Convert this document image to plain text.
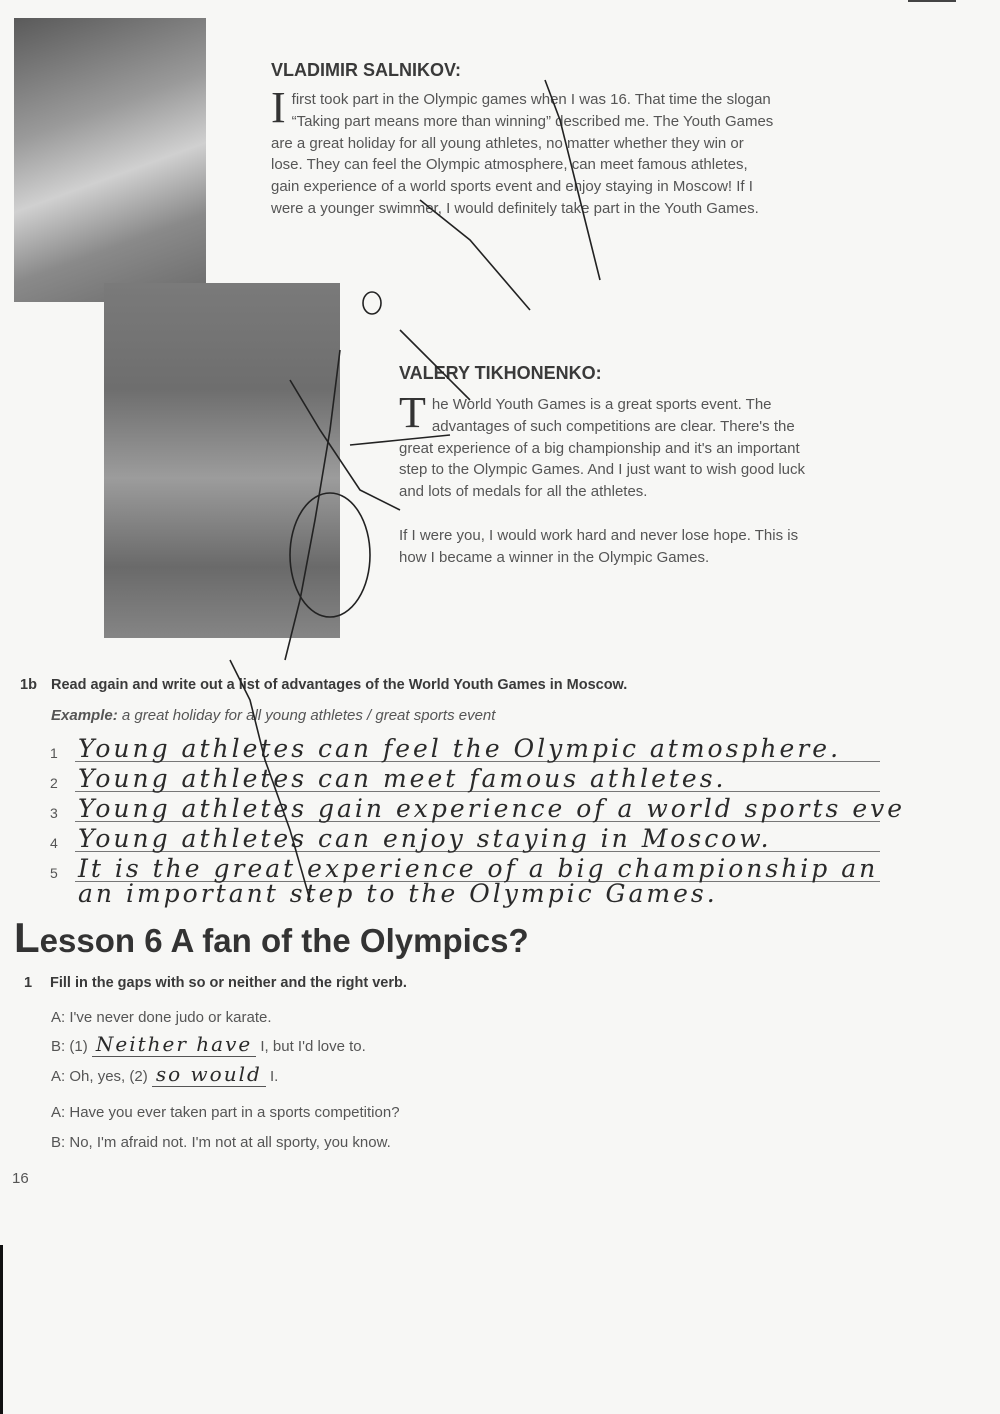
VLADIMIR SALNIKOV:
I first took part in the Olympic games when I was 16. That time the slogan “Taking part means more than winning” described me. The Youth Games are a great holiday for all young athletes, no matter whether they win or lose. They can feel the Olympic atmosphere, can meet famous athletes, gain experience of a world sports event and enjoy staying in Moscow! If I were a younger swimmer, I would definitely take part in the Youth Games.
VALERY TIKHONENKO:
T he World Youth Games is a great sports event. The advantages of such competitions are clear. There's the great experience of a big championship and it's an important step to the Olympic Games. And I just want to wish good luck and lots of medals for all the athletes.
If I were you, I would work hard and never lose hope. This is how I became a winner in the Olympic Games.
1b Read again and write out a list of advantages of the World Youth Games in Moscow.
Example: a great holiday for all young athletes / great sports event
1 Young athletes can feel the Olympic atmosphere.
2 Young athletes can meet famous athletes.
3 Young athletes gain experience of a world sports eve
4 Young athletes can enjoy staying in Moscow.
5 It is the great experience of a big championship an
an important step to the Olympic Games.
Lesson 6 A fan of the Olympics?
1 Fill in the gaps with so or neither and the right verb.
A: I've never done judo or karate.
B: (1) Neither have I, but I'd love to.
A: Oh, yes, (2) so would I.
A: Have you ever taken part in a sports competition?
B: No, I'm afraid not. I'm not at all sporty, you know.
16
